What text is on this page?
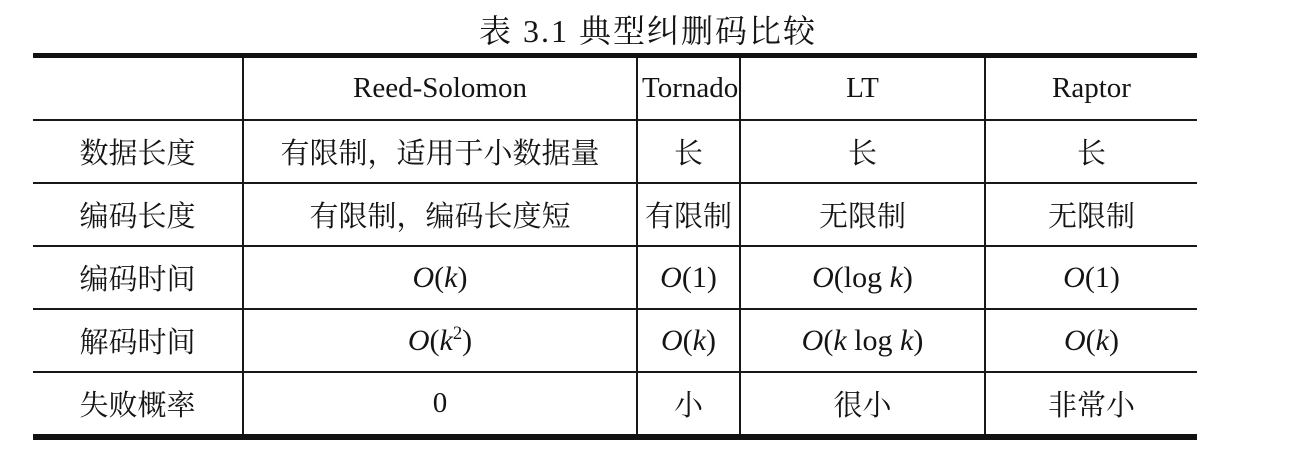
表 3.1 典型纠删码比较
	Reed-Solomon	Tornado	LT	Raptor
数据长度	有限制，适用于小数据量	长	长	长
编码长度	有限制，编码长度短	有限制	无限制	无限制
编码时间	O(k)	O(1)	O(log k)	O(1)
解码时间	$O(k^2)$	O(k)	O(k log k)	O(k)
失败概率	0	小	很小	非常小
